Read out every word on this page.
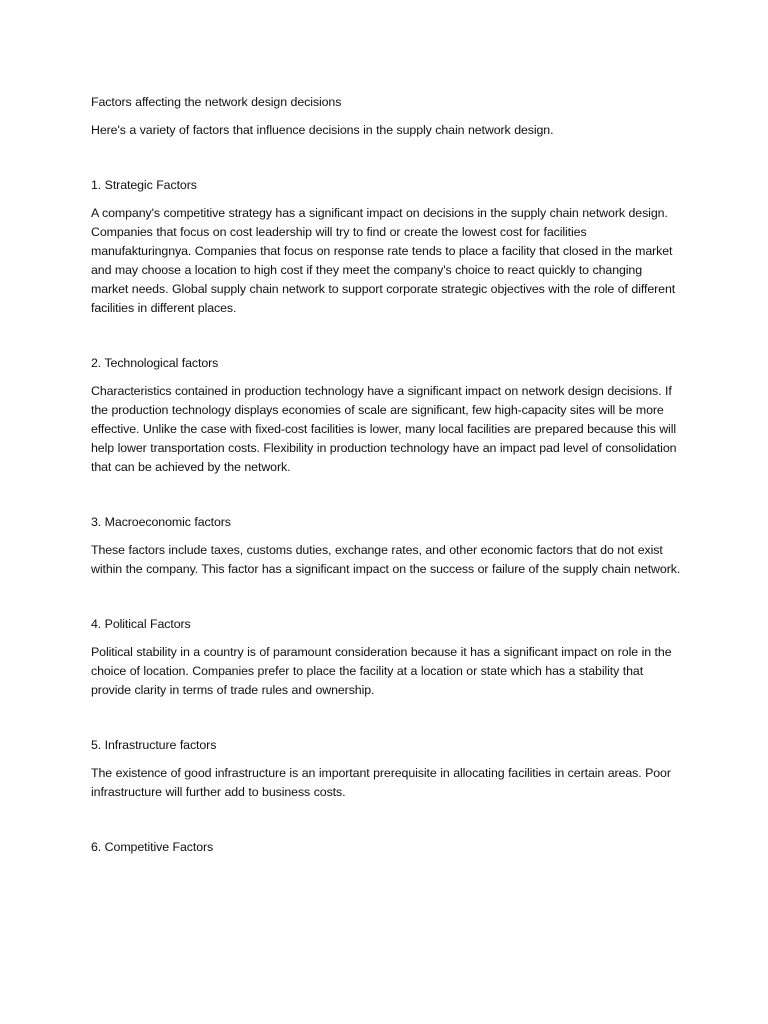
Factors affecting the network design decisions

Here's a variety of factors that influence decisions in the supply chain network design.

1. Strategic Factors

A company's competitive strategy has a significant impact on decisions in the supply chain network design. Companies that focus on cost leadership will try to find or create the lowest cost for facilities manufakturingnya. Companies that focus on response rate tends to place a facility that closed in the market and may choose a location to high cost if they meet the company's choice to react quickly to changing market needs. Global supply chain network to support corporate strategic objectives with the role of different facilities in different places.

2. Technological factors

Characteristics contained in production technology have a significant impact on network design decisions. If the production technology displays economies of scale are significant, few high-capacity sites will be more effective. Unlike the case with fixed-cost facilities is lower, many local facilities are prepared because this will help lower transportation costs. Flexibility in production technology have an impact pad level of consolidation that can be achieved by the network.

3. Macroeconomic factors

These factors include taxes, customs duties, exchange rates, and other economic factors that do not exist within the company. This factor has a significant impact on the success or failure of the supply chain network.

4. Political Factors

Political stability in a country is of paramount consideration because it has a significant impact on role in the choice of location. Companies prefer to place the facility at a location or state which has a stability that provide clarity in terms of trade rules and ownership.

5. Infrastructure factors

The existence of good infrastructure is an important prerequisite in allocating facilities in certain areas. Poor infrastructure will further add to business costs.

6. Competitive Factors
